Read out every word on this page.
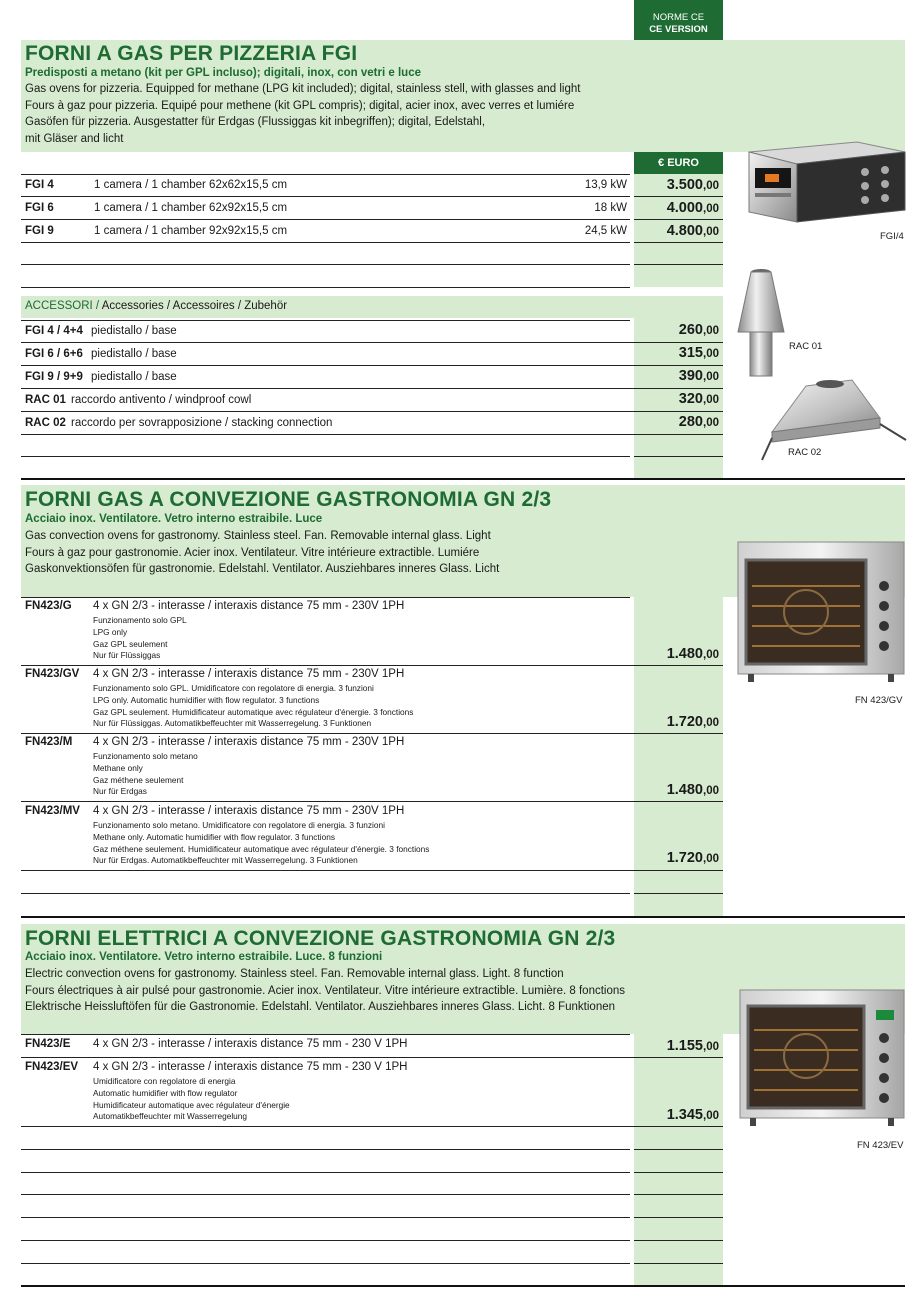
NORME CE
CE VERSION
FORNI A GAS PER PIZZERIA FGI
Predisposti a metano (kit per GPL incluso); digitali, inox, con vetri e luce
Gas ovens for pizzeria. Equipped for methane (LPG kit included); digital, stainless stell, with glasses and light
Fours à gaz pour pizzeria. Equipé pour methene (kit GPL compris); digital, acier inox, avec verres et lumiére
Gasöfen für pizzeria. Ausgestatter für Erdgas (Flussiggas kit inbegriffen); digital, Edelstahl,
mit Gläser and licht
€ EURO
FGI 4	1 camera / 1 chamber 62x62x15,5 cm	13,9 kW	3.500,00
FGI 6	1 camera / 1 chamber 62x92x15,5 cm	18 kW	4.000,00
FGI 9	1 camera / 1 chamber 92x92x15,5 cm	24,5 kW	4.800,00	FGI/4
ACCESSORI / Accessories / Accessoires / Zubehör
FGI 4 / 4+4 piedistallo / base	260,00
FGI 6 / 6+6 piedistallo / base	315,00
FGI 9 / 9+9 piedistallo / base	390,00
RAC 01 raccordo antivento / windproof cowl	320,00
RAC 02 raccordo per sovrapposizione / stacking connection	280,00
RAC 01
RAC 02
FORNI GAS A CONVEZIONE GASTRONOMIA GN 2/3
Acciaio inox. Ventilatore. Vetro interno estraibile. Luce
Gas convection ovens for gastronomy. Stainless steel. Fan. Removable internal glass. Light
Fours à gaz pour gastronomie. Acier inox. Ventilateur. Vitre intérieure extractible. Lumiére
Gaskonvektionsöfen für gastronomie. Edelstahl. Ventilator. Ausziehbares inneres Glass. Licht
FN423/G 4 x GN 2/3 - interasse / interaxis distance 75 mm - 230V 1PH
Funzionamento solo GPL
LPG only
Gaz GPL seulement
Nur für Flüssiggas	1.480,00
FN423/GV 4 x GN 2/3 - interasse / interaxis distance 75 mm - 230V 1PH
Funzionamento solo GPL. Umidificatore con regolatore di energia. 3 funzioni
LPG only. Automatic humidifier with flow regulator. 3 functions
Gaz GPL seulement. Humidificateur automatique avec régulateur d'énergie. 3 fonctions
Nur für Flüssiggas. Automatikbeffeuchter mit Wasserregelung. 3 Funktionen	1.720,00
FN423/M 4 x GN 2/3 - interasse / interaxis distance 75 mm - 230V 1PH
Funzionamento solo metano
Methane only
Gaz méthene seulement
Nur für Erdgas	1.480,00
FN423/MV 4 x GN 2/3 - interasse / interaxis distance 75 mm - 230V 1PH
Funzionamento solo metano. Umidificatore con regolatore di energia. 3 funzioni
Methane only. Automatic humidifier with flow regulator. 3 functions
Gaz méthene seulement. Humidificateur automatique avec régulateur d'énergie. 3 fonctions
Nur für Erdgas. Automatikbeffeuchter mit Wasserregelung. 3 Funktionen	1.720,00
FN 423/GV
FORNI ELETTRICI A CONVEZIONE GASTRONOMIA GN 2/3
Acciaio inox. Ventilatore. Vetro interno estraibile. Luce. 8 funzioni
Electric convection ovens for gastronomy. Stainless steel. Fan. Removable internal glass. Light. 8 function
Fours électriques à air pulsé pour gastronomie. Acier inox. Ventilateur. Vitre intérieure extractible. Lumière. 8 fonctions
Elektrische Heissluftöfen für die Gastronomie. Edelstahl. Ventilator. Ausziehbares inneres Glass. Licht. 8 Funktionen
FN423/E 4 x GN 2/3 - interasse / interaxis distance 75 mm - 230 V 1PH	1.155,00
FN423/EV 4 x GN 2/3 - interasse / interaxis distance 75 mm - 230 V 1PH
Umidificatore con regolatore di energia
Automatic humidifier with flow regulator
Humidificateur automatique avec régulateur d'énergie
Automatikbeffeuchter mit Wasserregelung	1.345,00
FN 423/EV
